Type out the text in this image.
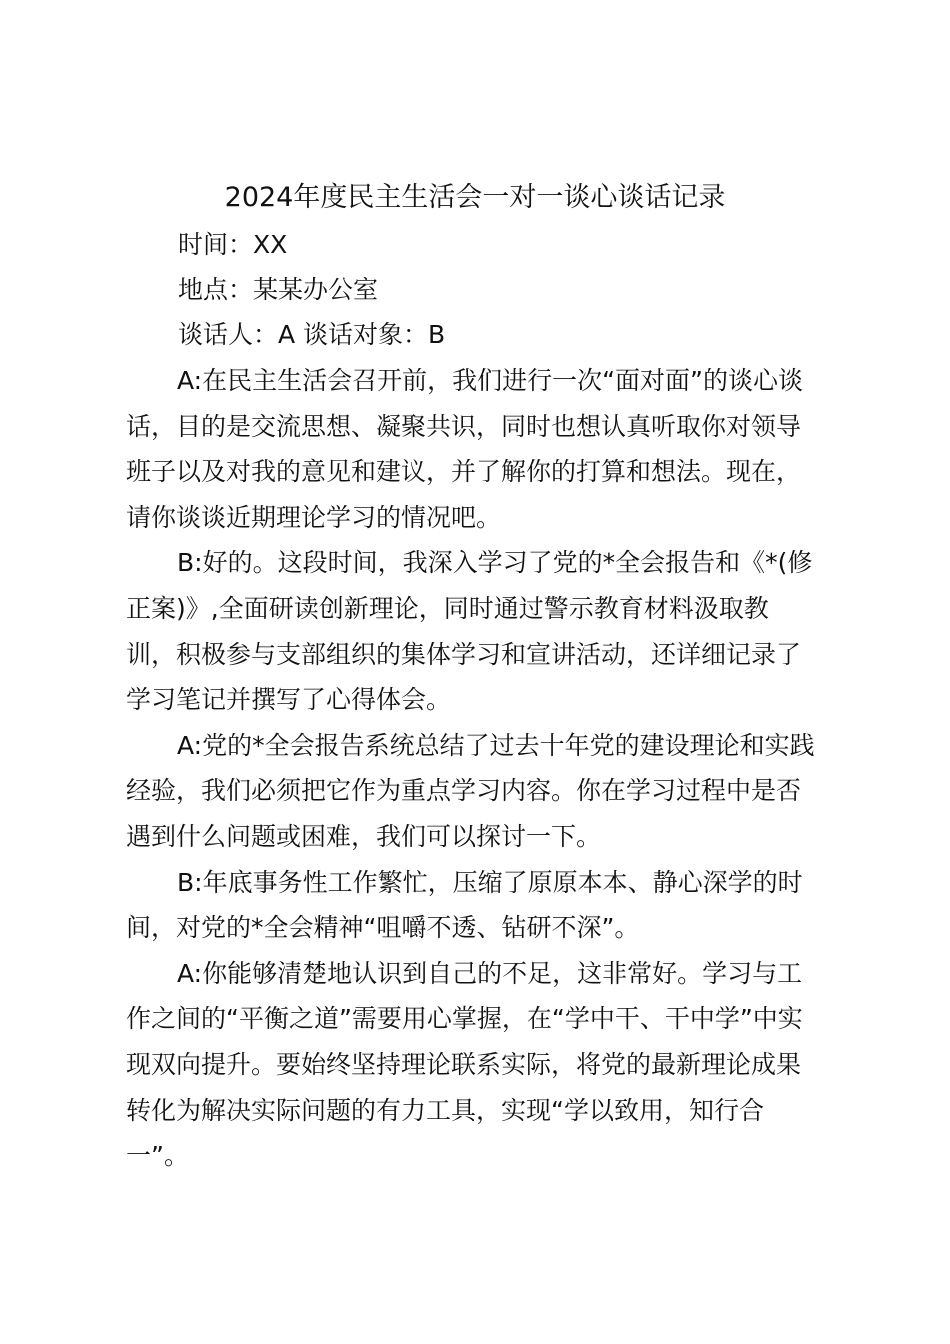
2024年度民主生活会一对一谈心谈话记录
时间：XX
地点：某某办公室
谈话人：A 谈话对象：B

A:在民主生活会召开前，我们进行一次“面对面”的谈心谈
话，目的是交流思想、凝聚共识，同时也想认真听取你对领导
班子以及对我的意见和建议，并了解你的打算和想法。现在，
请你谈谈近期理论学习的情况吧。

B:好的。这段时间，我深入学习了党的*全会报告和《*(修
正案)》,全面研读创新理论，同时通过警示教育材料汲取教
训，积极参与支部组织的集体学习和宣讲活动，还详细记录了
学习笔记并撰写了心得体会。

A:党的*全会报告系统总结了过去十年党的建设理论和实践
经验，我们必须把它作为重点学习内容。你在学习过程中是否
遇到什么问题或困难，我们可以探讨一下。

B:年底事务性工作繁忙，压缩了原原本本、静心深学的时
间，对党的*全会精神“咀嚼不透、钻研不深”。

A:你能够清楚地认识到自己的不足，这非常好。学习与工
作之间的“平衡之道”需要用心掌握，在“学中干、干中学”中实
现双向提升。要始终坚持理论联系实际，将党的最新理论成果
转化为解决实际问题的有力工具，实现“学以致用，知行合
一”。
